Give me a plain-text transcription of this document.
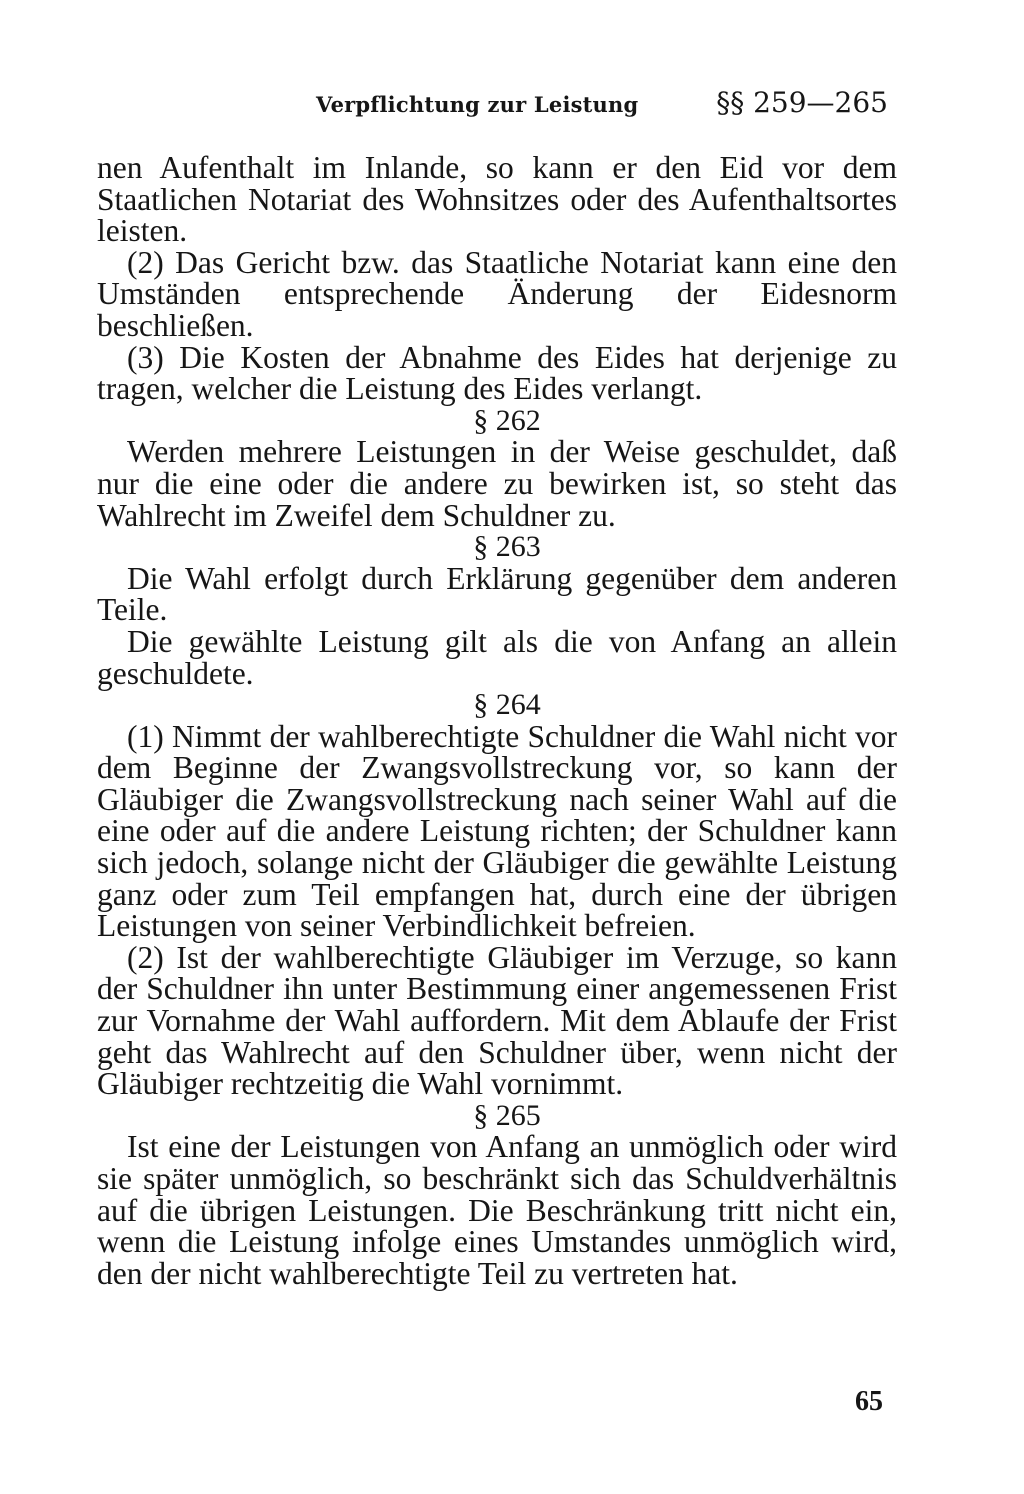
Verpflichtung zur Leistung	§§ 259—265

nen Aufenthalt im Inlande, so kann er den Eid vor dem Staatlichen Notariat des Wohnsitzes oder des Aufenthaltsortes leisten.

(2) Das Gericht bzw. das Staatliche Notariat kann eine den Umständen entsprechende Änderung der Eidesnorm beschließen.

(3) Die Kosten der Abnahme des Eides hat derjenige zu tragen, welcher die Leistung des Eides verlangt.

§ 262

Werden mehrere Leistungen in der Weise geschuldet, daß nur die eine oder die andere zu bewirken ist, so steht das Wahlrecht im Zweifel dem Schuldner zu.

§ 263

Die Wahl erfolgt durch Erklärung gegenüber dem anderen Teile.

Die gewählte Leistung gilt als die von Anfang an allein geschuldete.

§ 264

(1) Nimmt der wahlberechtigte Schuldner die Wahl nicht vor dem Beginne der Zwangsvollstreckung vor, so kann der Gläubiger die Zwangsvollstreckung nach seiner Wahl auf die eine oder auf die andere Leistung richten; der Schuldner kann sich jedoch, solange nicht der Gläubiger die gewählte Leistung ganz oder zum Teil empfangen hat, durch eine der übrigen Leistungen von seiner Verbindlichkeit befreien.

(2) Ist der wahlberechtigte Gläubiger im Verzuge, so kann der Schuldner ihn unter Bestimmung einer angemessenen Frist zur Vornahme der Wahl auffordern. Mit dem Ablaufe der Frist geht das Wahlrecht auf den Schuldner über, wenn nicht der Gläubiger rechtzeitig die Wahl vornimmt.

§ 265

Ist eine der Leistungen von Anfang an unmöglich oder wird sie später unmöglich, so beschränkt sich das Schuldverhältnis auf die übrigen Leistungen. Die Beschränkung tritt nicht ein, wenn die Leistung infolge eines Umstandes unmöglich wird, den der nicht wahlberechtigte Teil zu vertreten hat.

65
